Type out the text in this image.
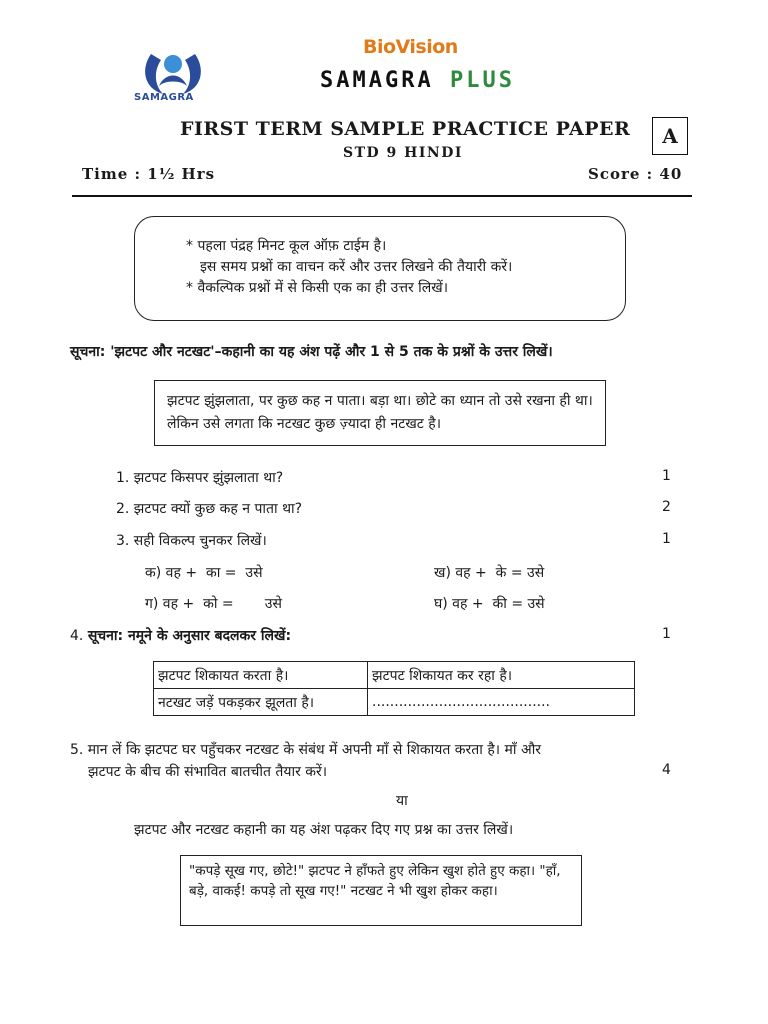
SAMAGRA
BioVision
SAMAGRA PLUS
FIRST TERM SAMPLE PRACTICE PAPER
STD 9 HINDI
A
Time : 1½ Hrs	Score : 40
* पहला पंद्रह मिनट कूल ऑफ़ टाईम है।
इस समय प्रश्नों का वाचन करें और उत्तर लिखने की तैयारी करें।
* वैकल्पिक प्रश्नों में से किसी एक का ही उत्तर लिखें।
सूचना: 'झटपट और नटखट'–कहानी का यह अंश पढ़ें और 1 से 5 तक के प्रश्नों के उत्तर लिखें।
झटपट झुंझलाता, पर कुछ कह न पाता। बड़ा था। छोटे का ध्यान तो उसे रखना ही था। लेकिन उसे लगता कि नटखट कुछ ज़्यादा ही नटखट है।
1. झटपट किसपर झुंझलाता था?	1
2. झटपट क्यों कुछ कह न पाता था?	2
3. सही विकल्प चुनकर लिखें।	1
क) वह +  का =  उसे	ख) वह +  के = उसे
ग) वह +  को =       उसे	घ) वह +  की = उसे
4. सूचना: नमूने के अनुसार बदलकर लिखें:	1
झटपट शिकायत करता है।	झटपट शिकायत कर रहा है।
नटखट जड़ें पकड़कर झूलता है।	........................................
5. मान लें कि झटपट घर पहुँचकर नटखट के संबंध में अपनी माँ से शिकायत करता है। माँ और
झटपट के बीच की संभावित बातचीत तैयार करें।	4
या
झटपट और नटखट कहानी का यह अंश पढ़कर दिए गए प्रश्न का उत्तर लिखें।
"कपड़े सूख गए, छोटे!" झटपट ने हाँफते हुए लेकिन खुश होते हुए कहा। "हाँ, बड़े, वाकई! कपड़े तो सूख गए!" नटखट ने भी खुश होकर कहा।
